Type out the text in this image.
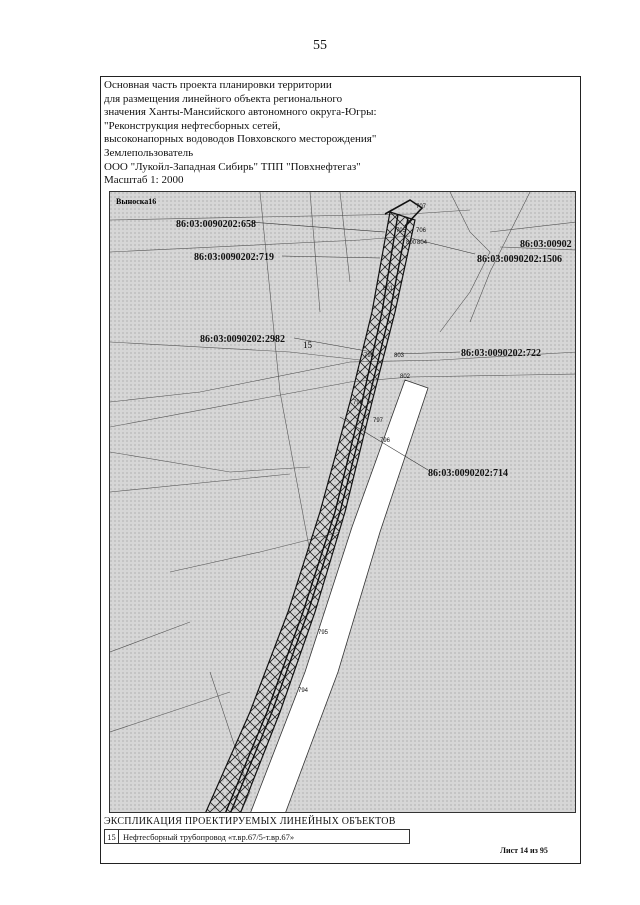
55
Основная часть проекта планировки территории
для размещения линейного объекта регионального
значения Ханты-Мансийского автономного округа-Югры:
"Реконструкция нефтесборных сетей,
высоконапорных водоводов Повховского месторождения"
Землепользователь
ООО "Лукойл-Западная Сибирь" ТПП "Повхнефтегаз"
Масштаб 1: 2000
86:03:0090202:658
86:03:0090202:719
86:03:0090202:2982
86:03:0090202:722
86:03:0090202:714
86:03:0090202:1506
86:03:00902
Выноска16
15
707
706
705
804
800
801
799
798
797
796
795
794
803
802
ЭКСПЛИКАЦИЯ ПРОЕКТИРУЕМЫХ ЛИНЕЙНЫХ ОБЪЕКТОВ
15 Нефтесборный трубопровод «т.вр.67/5-т.вр.67»
Лист 14 из 95
